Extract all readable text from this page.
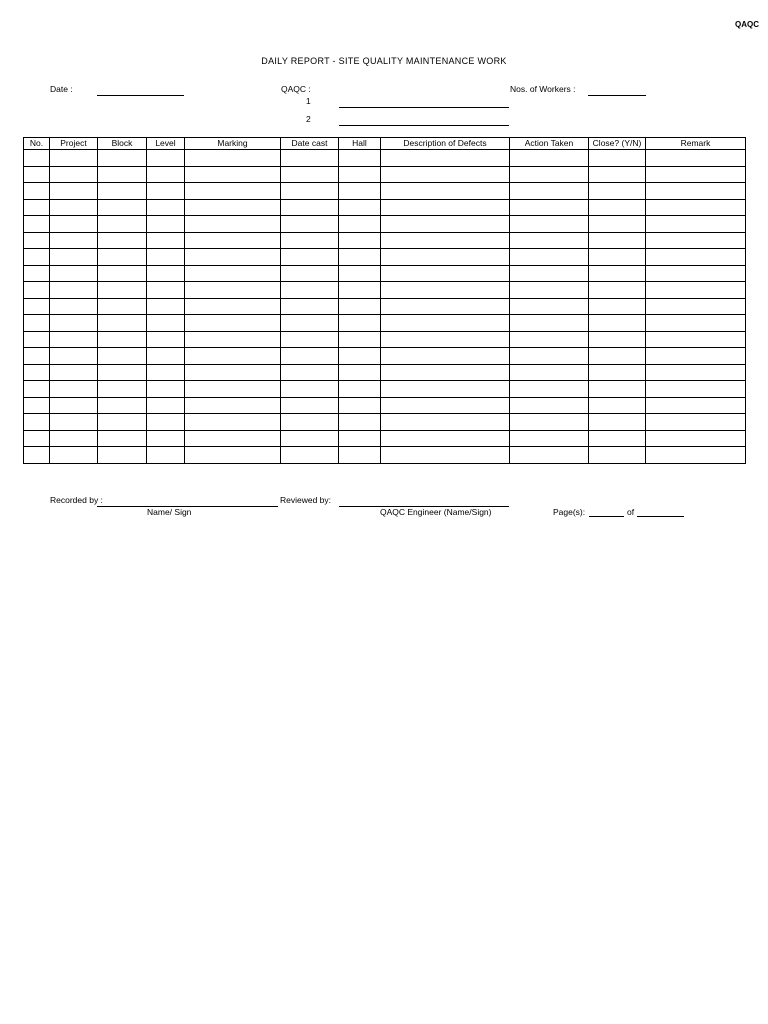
QAQC
DAILY REPORT - SITE QUALITY MAINTENANCE WORK
Date :	QAQC :
1
2
Nos. of Workers :
No.	Project	Block	Level	Marking	Date cast	Hall	Description of Defects	Action Taken	Close? (Y/N)	Remark

Recorded by :
Name/ Sign
Reviewed by:
QAQC Engineer (Name/Sign)	Page(s):	of
